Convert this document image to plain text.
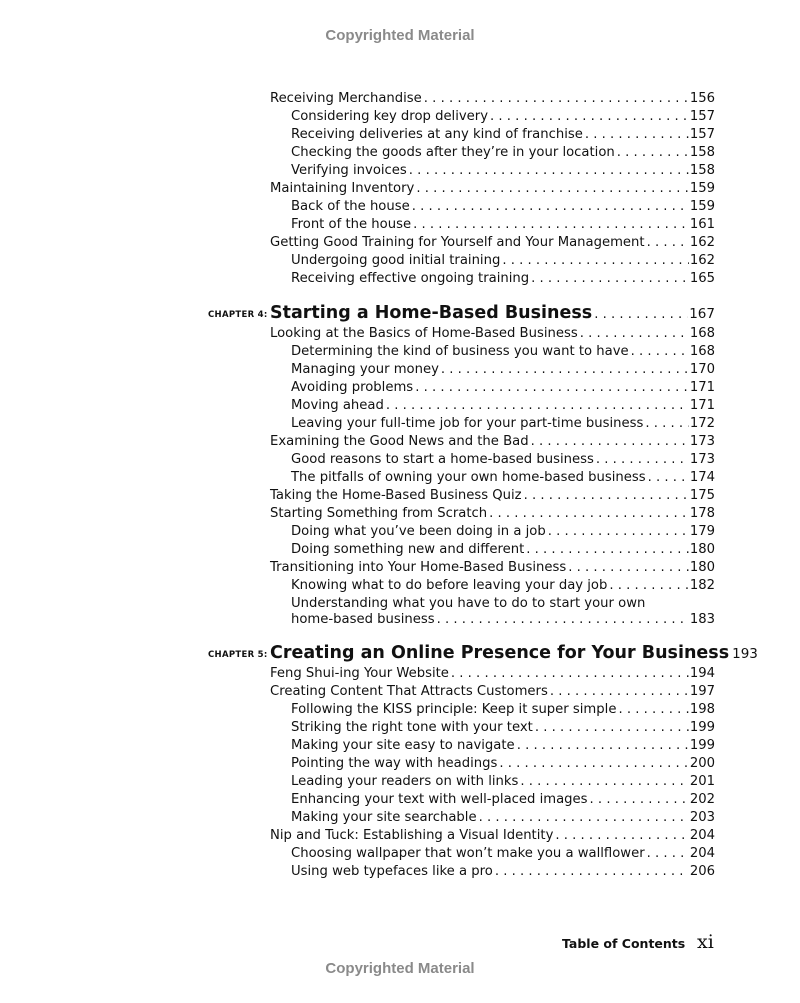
Copyrighted Material
Receiving Merchandise . . .	156
Considering key drop delivery . . .	157
Receiving deliveries at any kind of franchise . . .	157
Checking the goods after they’re in your location . . .	158
Verifying invoices . . .	158
Maintaining Inventory . . .	159
Back of the house . . .	159
Front of the house . . .	161
Getting Good Training for Yourself and Your Management . . .	162
Undergoing good initial training . . .	162
Receiving effective ongoing training . . .	165
CHAPTER 4: Starting a Home-Based Business . . .	167
Looking at the Basics of Home-Based Business . . .	168
Determining the kind of business you want to have . . .	168
Managing your money . . .	170
Avoiding problems . . .	171
Moving ahead . . .	171
Leaving your full-time job for your part-time business . . .	172
Examining the Good News and the Bad . . .	173
Good reasons to start a home-based business . . .	173
The pitfalls of owning your own home-based business . . .	174
Taking the Home-Based Business Quiz . . .	175
Starting Something from Scratch . . .	178
Doing what you’ve been doing in a job . . .	179
Doing something new and different . . .	180
Transitioning into Your Home-Based Business . . .	180
Knowing what to do before leaving your day job . . .	182
Understanding what you have to do to start your own
home-based business . . .	183
CHAPTER 5: Creating an Online Presence for Your Business 193
Feng Shui-ing Your Website . . .	194
Creating Content That Attracts Customers . . .	197
Following the KISS principle: Keep it super simple . . .	198
Striking the right tone with your text . . .	199
Making your site easy to navigate . . .	199
Pointing the way with headings . . .	200
Leading your readers on with links . . .	201
Enhancing your text with well-placed images . . .	202
Making your site searchable . . .	203
Nip and Tuck: Establishing a Visual Identity . . .	204
Choosing wallpaper that won’t make you a wallflower . . .	204
Using web typefaces like a pro . . .	206
Table of Contents xi
Copyrighted Material
